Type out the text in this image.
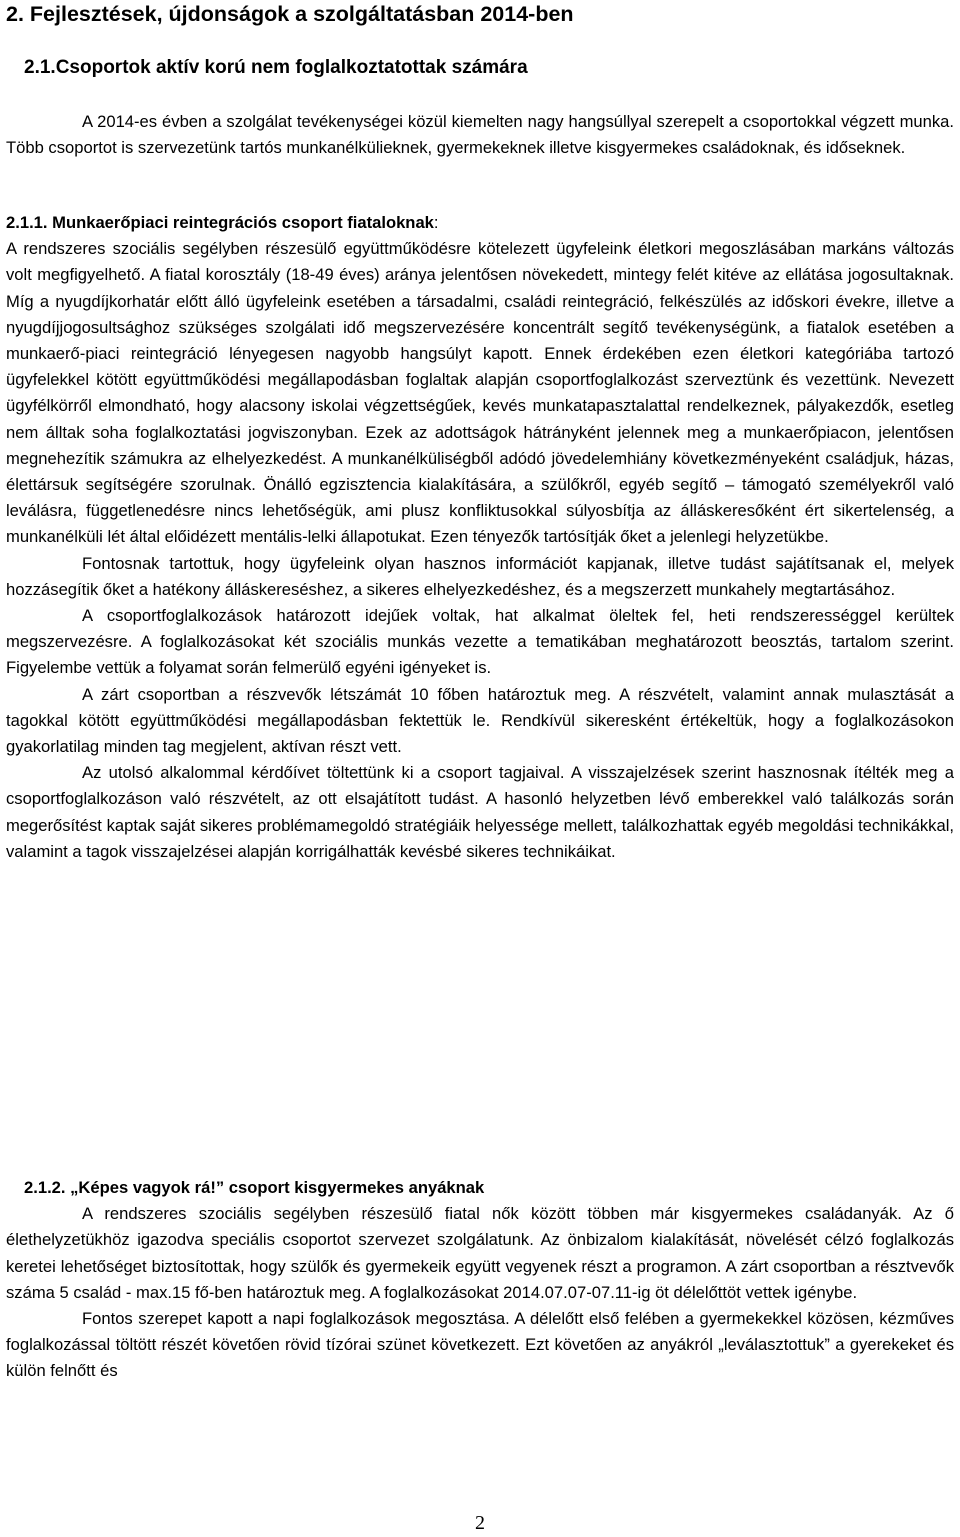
2. Fejlesztések, újdonságok a szolgáltatásban 2014-ben
2.1.Csoportok aktív korú nem foglalkoztatottak számára

A 2014-es évben a szolgálat tevékenységei közül kiemelten nagy hangsúllyal szerepelt a csoportokkal végzett munka. Több csoportot is szervezetünk tartós munkanélkülieknek, gyermekeknek illetve kisgyermekes családoknak, és időseknek.

2.1.1. Munkaerőpiaci reintegrációs csoport fiataloknak:

A rendszeres szociális segélyben részesülő együttműködésre kötelezett ügyfeleink életkori megoszlásában markáns változás volt megfigyelhető. A fiatal korosztály (18-49 éves) aránya jelentősen növekedett, mintegy felét kitéve az ellátása jogosultaknak. Míg a nyugdíjkorhatár előtt álló ügyfeleink esetében a társadalmi, családi reintegráció, felkészülés az időskori évekre, illetve a nyugdíjjogosultsághoz szükséges szolgálati idő megszervezésére koncentrált segítő tevékenységünk, a fiatalok esetében a munkaerő-piaci reintegráció lényegesen nagyobb hangsúlyt kapott. Ennek érdekében ezen életkori kategóriába tartozó ügyfelekkel kötött együttműködési megállapodásban foglaltak alapján csoportfoglalkozást szerveztünk és vezettünk. Nevezett ügyfélkörről elmondható, hogy alacsony iskolai végzettségűek, kevés munkatapasztalattal rendelkeznek, pályakezdők, esetleg nem álltak soha foglalkoztatási jogviszonyban. Ezek az adottságok hátrányként jelennek meg a munkaerőpiacon, jelentősen megnehezítik számukra az elhelyezkedést. A munkanélküliségből adódó jövedelemhiány következményeként családjuk, házas, élettársuk segítségére szorulnak. Önálló egzisztencia kialakítására, a szülőkről, egyéb segítő – támogató személyekről való leválásra, függetlenedésre nincs lehetőségük, ami plusz konfliktusokkal súlyosbítja az álláskeresőként ért sikertelenség, a munkanélküli lét által előidézett mentális-lelki állapotukat. Ezen tényezők tartósítják őket a jelenlegi helyzetükbe.

Fontosnak tartottuk, hogy ügyfeleink olyan hasznos információt kapjanak, illetve tudást sajátítsanak el, melyek hozzásegítik őket a hatékony álláskereséshez, a sikeres elhelyezkedéshez, és a megszerzett munkahely megtartásához.

A csoportfoglalkozások határozott idejűek voltak, hat alkalmat öleltek fel, heti rendszerességgel kerültek megszervezésre. A foglalkozásokat két szociális munkás vezette a tematikában meghatározott beosztás, tartalom szerint. Figyelembe vettük a folyamat során felmerülő egyéni igényeket is.

A zárt csoportban a részvevők létszámát 10 főben határoztuk meg. A részvételt, valamint annak mulasztását a tagokkal kötött együttműködési megállapodásban fektettük le. Rendkívül sikeresként értékeltük, hogy a foglalkozásokon gyakorlatilag minden tag megjelent, aktívan részt vett.

Az utolsó alkalommal kérdőívet töltettünk ki a csoport tagjaival. A visszajelzések szerint hasznosnak ítélték meg a csoportfoglalkozáson való részvételt, az ott elsajátított tudást. A hasonló helyzetben lévő emberekkel való találkozás során megerősítést kaptak saját sikeres problémamegoldó stratégiáik helyessége mellett, találkozhattak egyéb megoldási technikákkal, valamint a tagok visszajelzései alapján korrigálhatták kevésbé sikeres technikáikat.

2.1.2. „Képes vagyok rá!” csoport kisgyermekes anyáknak

A rendszeres szociális segélyben részesülő fiatal nők között többen már kisgyermekes családanyák. Az ő élethelyzetükhöz igazodva speciális csoportot szervezet szolgálatunk. Az önbizalom kialakítását, növelését célzó foglalkozás keretei lehetőséget biztosítottak, hogy szülők és gyermekeik együtt vegyenek részt a programon. A zárt csoportban a résztvevők száma 5 család - max.15 fő-ben határoztuk meg. A foglalkozásokat 2014.07.07-07.11-ig öt délelőttöt vettek igénybe.

Fontos szerepet kapott a napi foglalkozások megosztása. A délelőtt első felében a gyermekekkel közösen, kézműves foglalkozással töltött részét követően rövid tízórai szünet következett. Ezt követően az anyákról „leválasztottuk” a gyerekeket és külön felnőtt és

2
